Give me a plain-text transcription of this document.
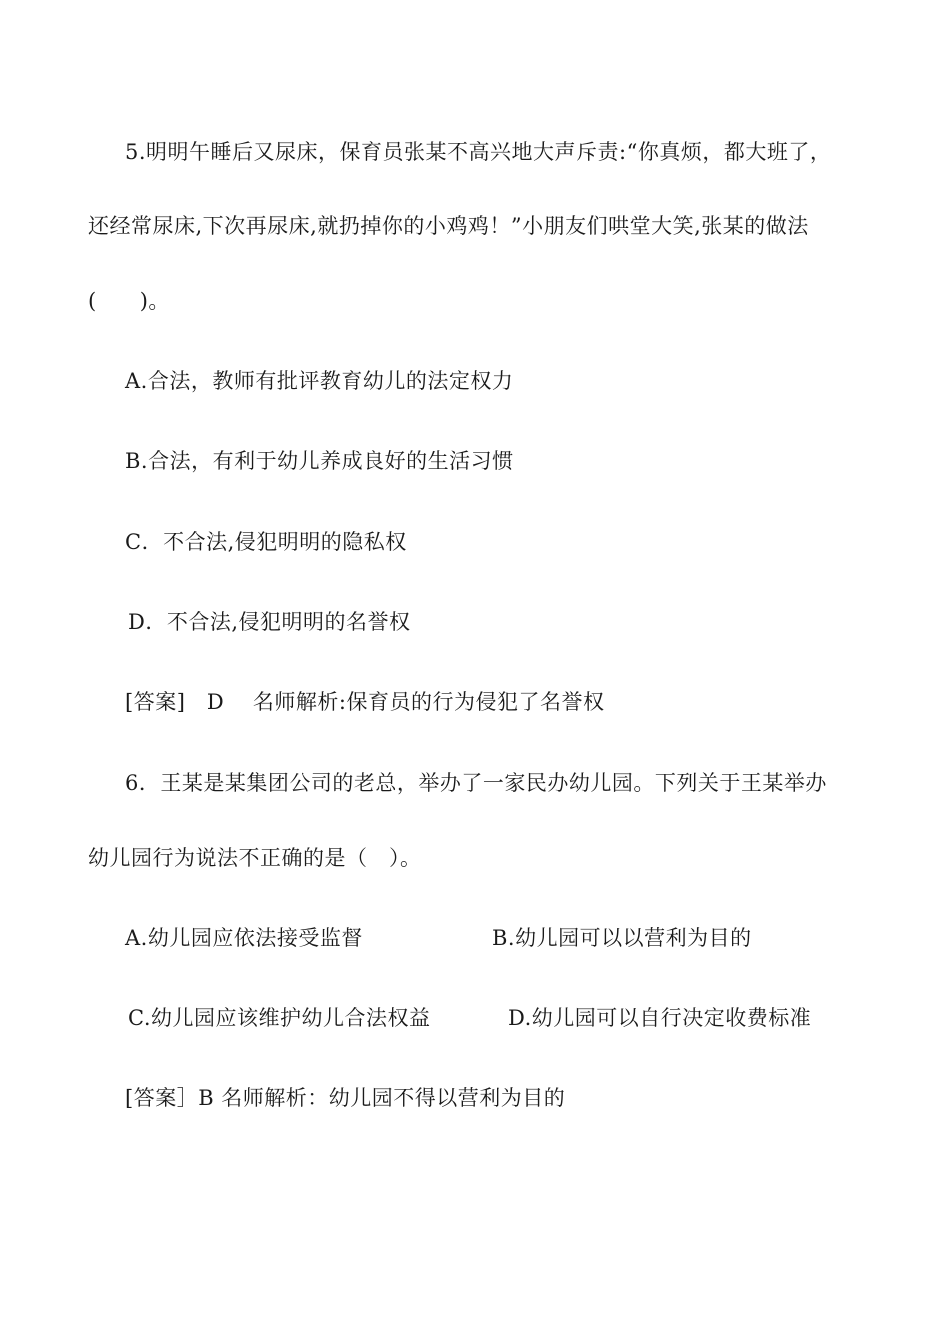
5.明明午睡后又尿床，保育员张某不高兴地大声斥责:“你真烦，都大班了，
还经常尿床,下次再尿床,就扔掉你的小鸡鸡！”小朋友们哄堂大笑,张某的做法
(　　)。
A.合法，教师有批评教育幼儿的法定权力
B.合法，有利于幼儿养成良好的生活习惯
C．不合法,侵犯明明的隐私权
D．不合法,侵犯明明的名誉权
[答案]　D　 名师解析:保育员的行为侵犯了名誉权
6．王某是某集团公司的老总，举办了一家民办幼儿园。下列关于王某举办
幼儿园行为说法不正确的是（　）。
A.幼儿园应依法接受监督	B.幼儿园可以以营利为目的
C.幼儿园应该维护幼儿合法权益	D.幼儿园可以自行决定收费标准
[答案］B 名师解析：幼儿园不得以营利为目的
